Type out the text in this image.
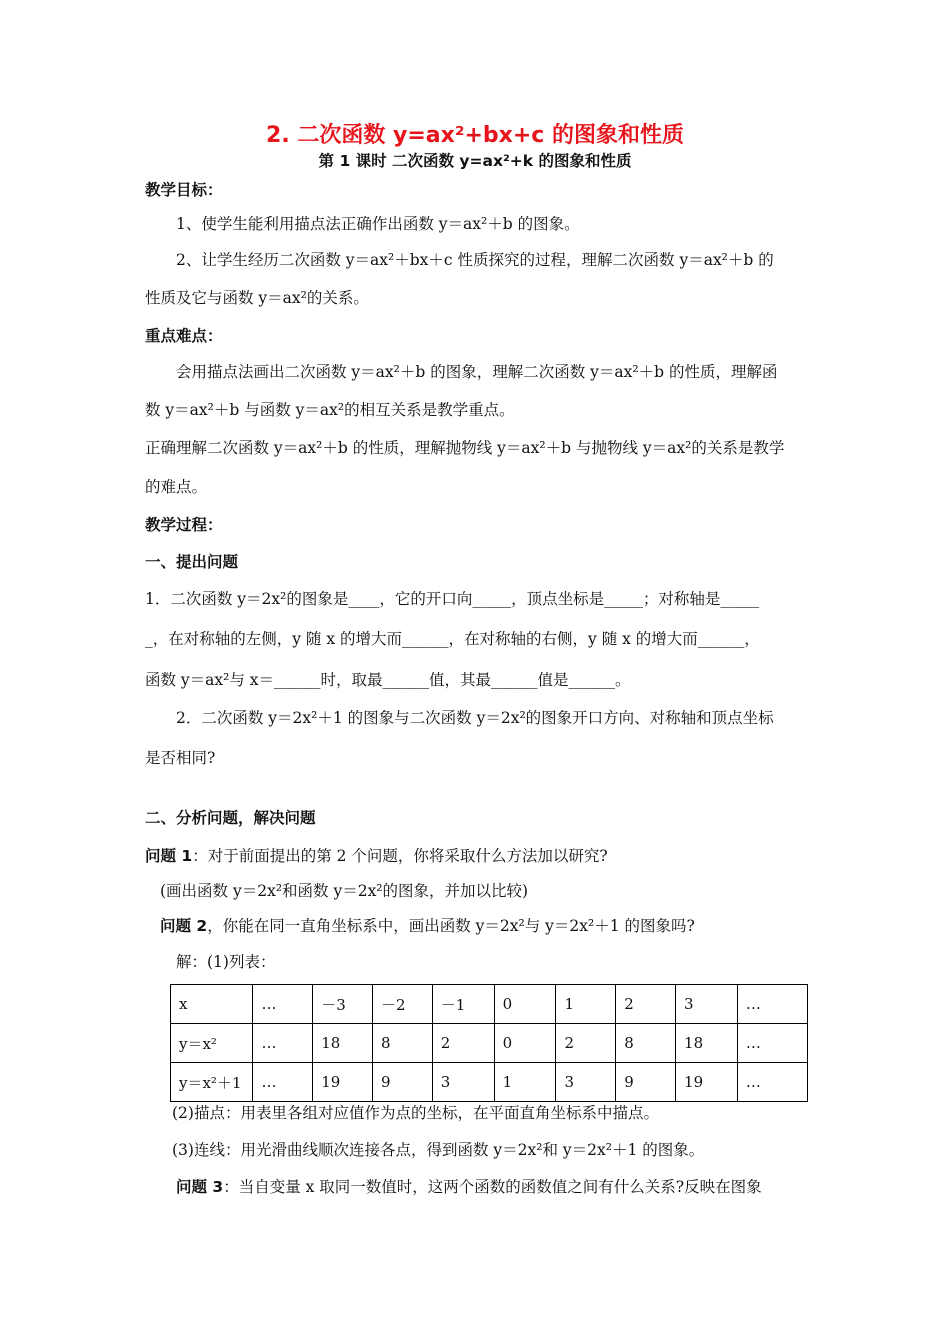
2. 二次函数 y=ax²+bx+c 的图象和性质
第 1 课时 二次函数 y=ax²+k 的图象和性质
教学目标：
1、使学生能利用描点法正确作出函数 y＝ax²＋b 的图象。
2、让学生经历二次函数 y＝ax²＋bx＋c 性质探究的过程，理解二次函数 y＝ax²＋b 的
性质及它与函数 y＝ax²的关系。
重点难点：
会用描点法画出二次函数 y＝ax²＋b 的图象，理解二次函数 y＝ax²＋b 的性质，理解函
数 y＝ax²＋b 与函数 y＝ax²的相互关系是教学重点。
正确理解二次函数 y＝ax²＋b 的性质，理解抛物线 y＝ax²＋b 与抛物线 y＝ax²的关系是教学
的难点。
教学过程：
一、提出问题
1．二次函数 y＝2x²的图象是____，它的开口向_____，顶点坐标是_____；对称轴是_____
_，在对称轴的左侧，y 随 x 的增大而______，在对称轴的右侧，y 随 x 的增大而______，
函数 y＝ax²与 x＝______时，取最______值，其最______值是______。
2．二次函数 y＝2x²＋1 的图象与二次函数 y＝2x²的图象开口方向、对称轴和顶点坐标
是否相同?
二、分析问题，解决问题
问题 1：对于前面提出的第 2 个问题，你将采取什么方法加以研究?
(画出函数 y＝2x²和函数 y＝2x²的图象，并加以比较)
问题 2，你能在同一直角坐标系中，画出函数 y＝2x²与 y＝2x²＋1 的图象吗?
解：(1)列表：
x	…	－3	－2	－1	0	1	2	3	…
y＝x²	…	18	8	2	0	2	8	18	…
y＝x²＋1	…	19	9	3	1	3	9	19	…
(2)描点：用表里各组对应值作为点的坐标，在平面直角坐标系中描点。
(3)连线：用光滑曲线顺次连接各点，得到函数 y＝2x²和 y＝2x²＋1 的图象。
问题 3：当自变量 x 取同一数值时，这两个函数的函数值之间有什么关系?反映在图象
